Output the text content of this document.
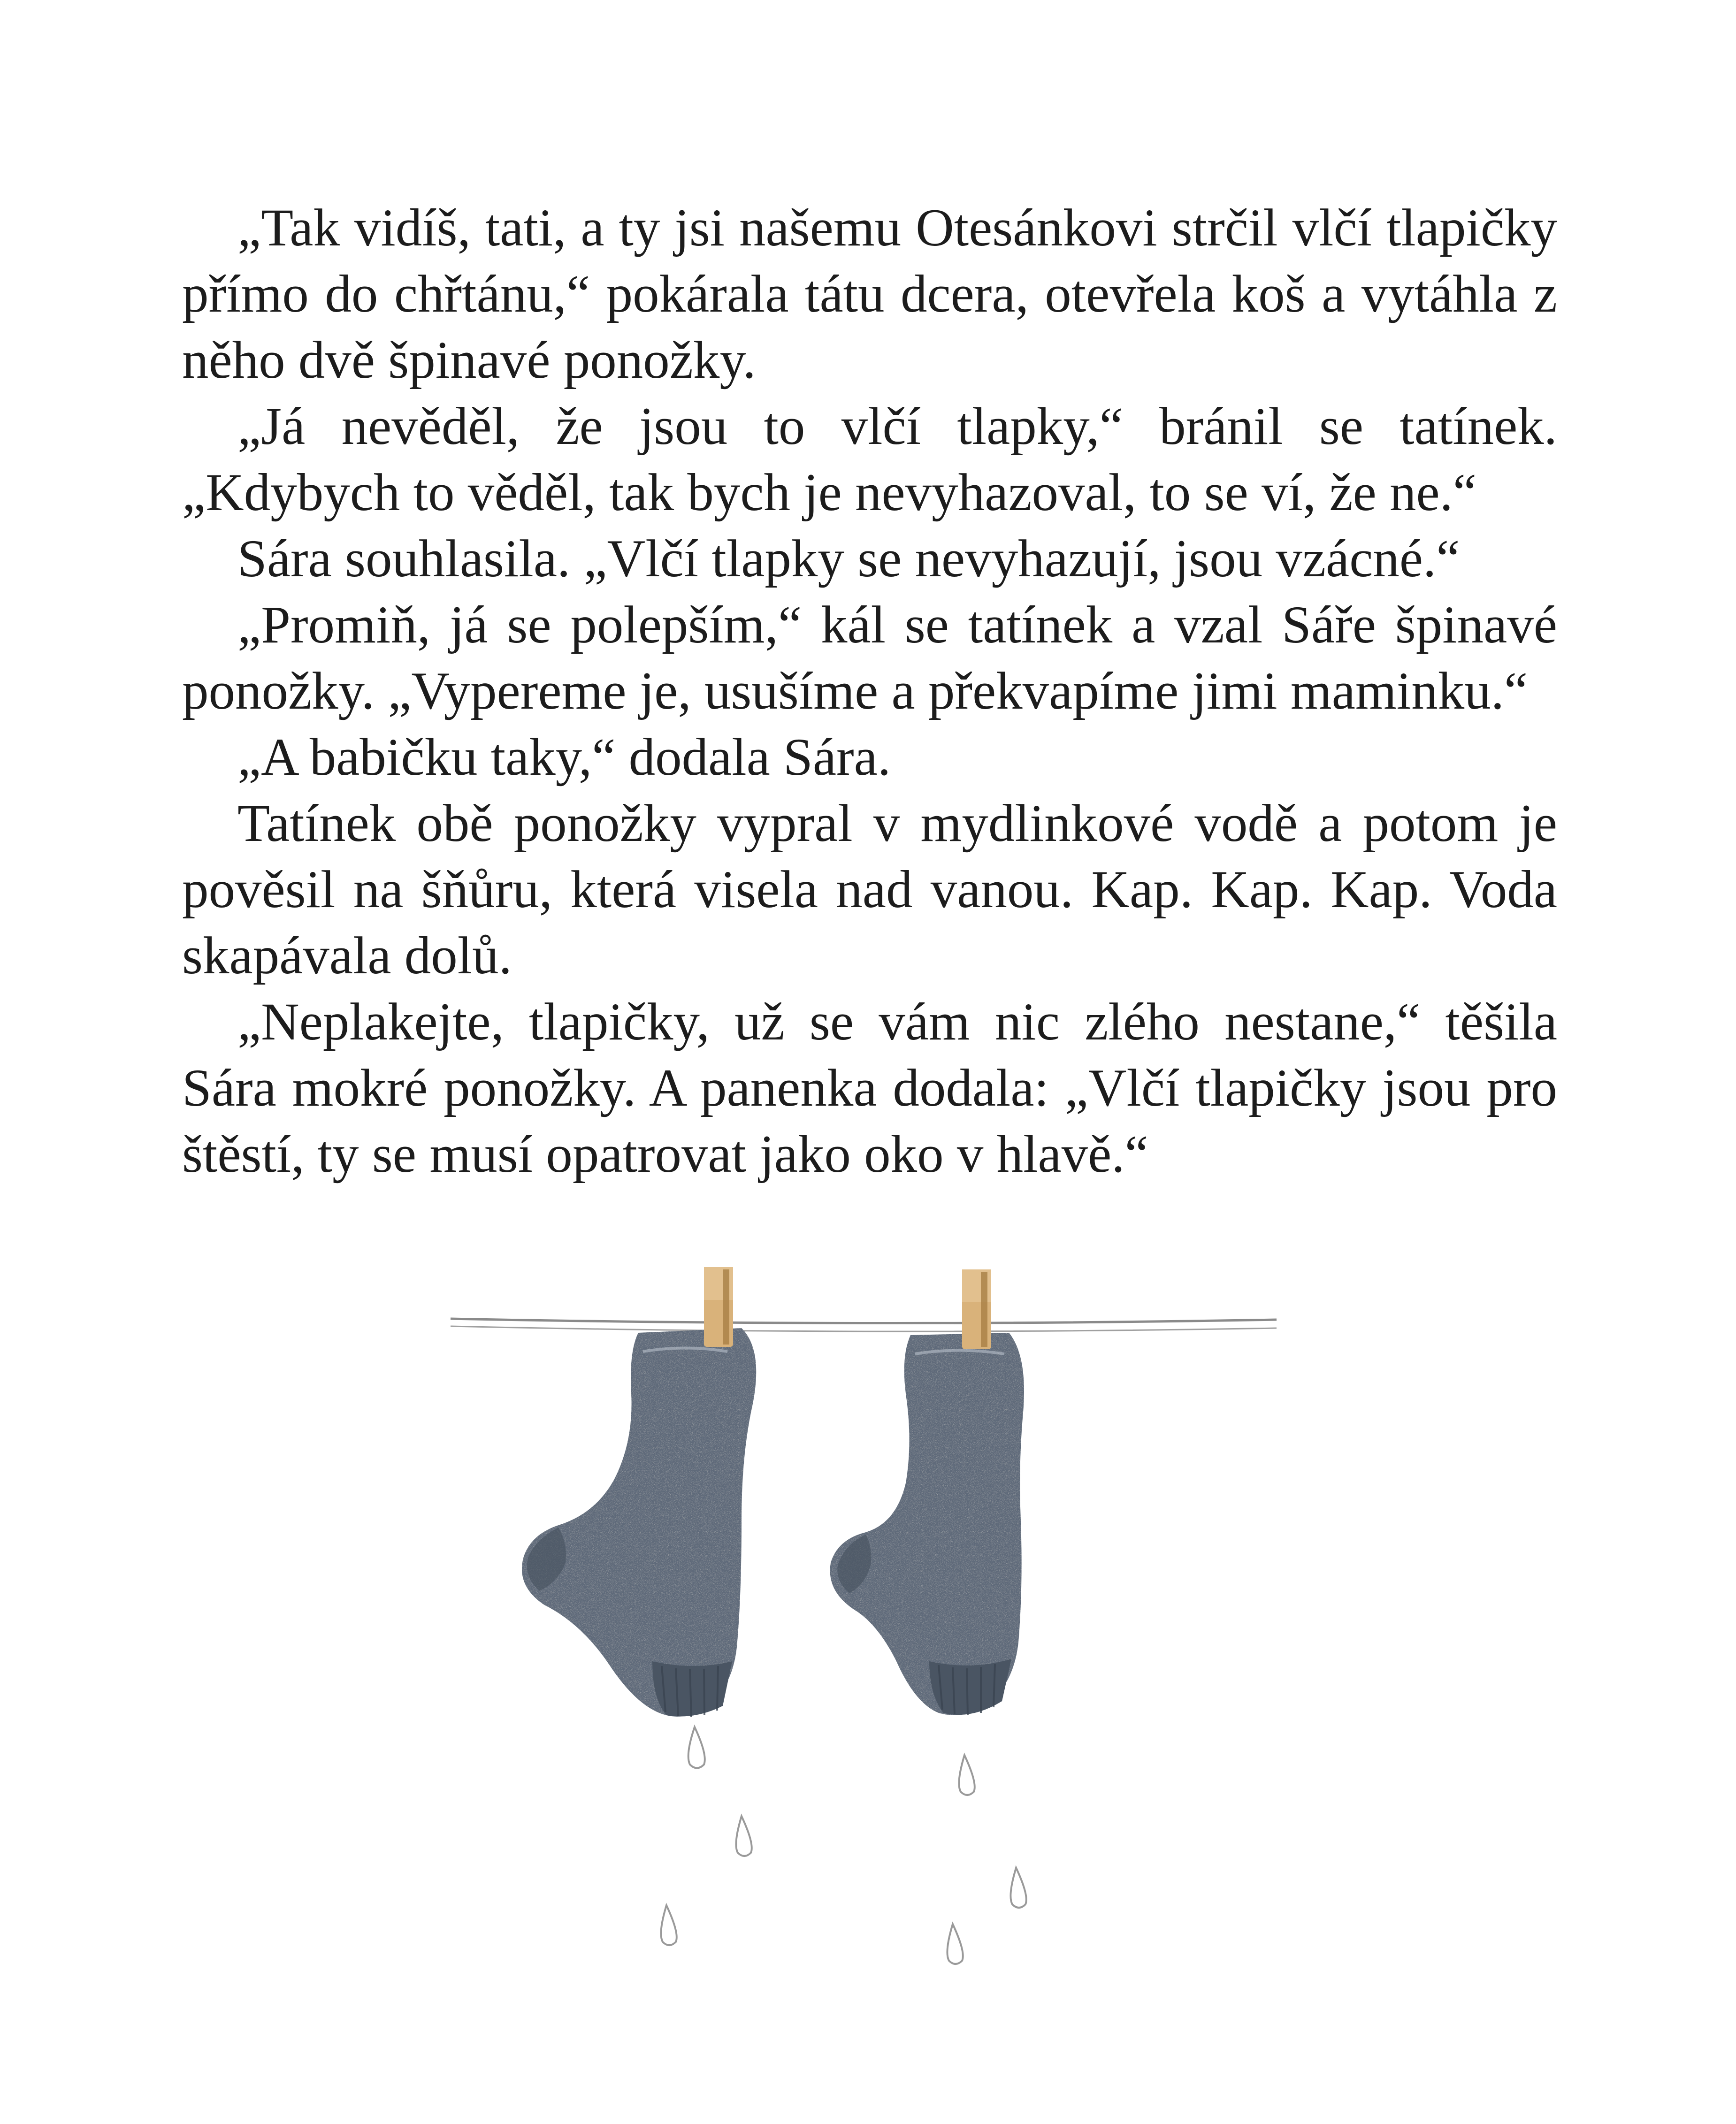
„Tak vidíš, tati, a ty jsi našemu Otesánkovi strčil vlčí tlapičky přímo do chřtánu,“ pokárala tátu dcera, otevřela koš a vytáhla z něho dvě špinavé ponožky.

„Já nevěděl, že jsou to vlčí tlapky,“ bránil se tatínek. „Kdybych to věděl, tak bych je nevyhazoval, to se ví, že ne.“

Sára souhlasila. „Vlčí tlapky se nevyhazují, jsou vzácné.“

„Promiň, já se polepším,“ kál se tatínek a vzal Sáře špinavé ponožky. „Vypereme je, usušíme a překvapíme jimi maminku.“

„A babičku taky,“ dodala Sára.

Tatínek obě ponožky vypral v mydlinkové vodě a potom je pověsil na šňůru, která visela nad vanou. Kap. Kap. Kap. Voda skapávala dolů.

„Neplakejte, tlapičky, už se vám nic zlého nestane,“ těšila Sára mokré ponožky. A panenka dodala: „Vlčí tlapičky jsou pro štěstí, ty se musí opatrovat jako oko v hlavě.“
